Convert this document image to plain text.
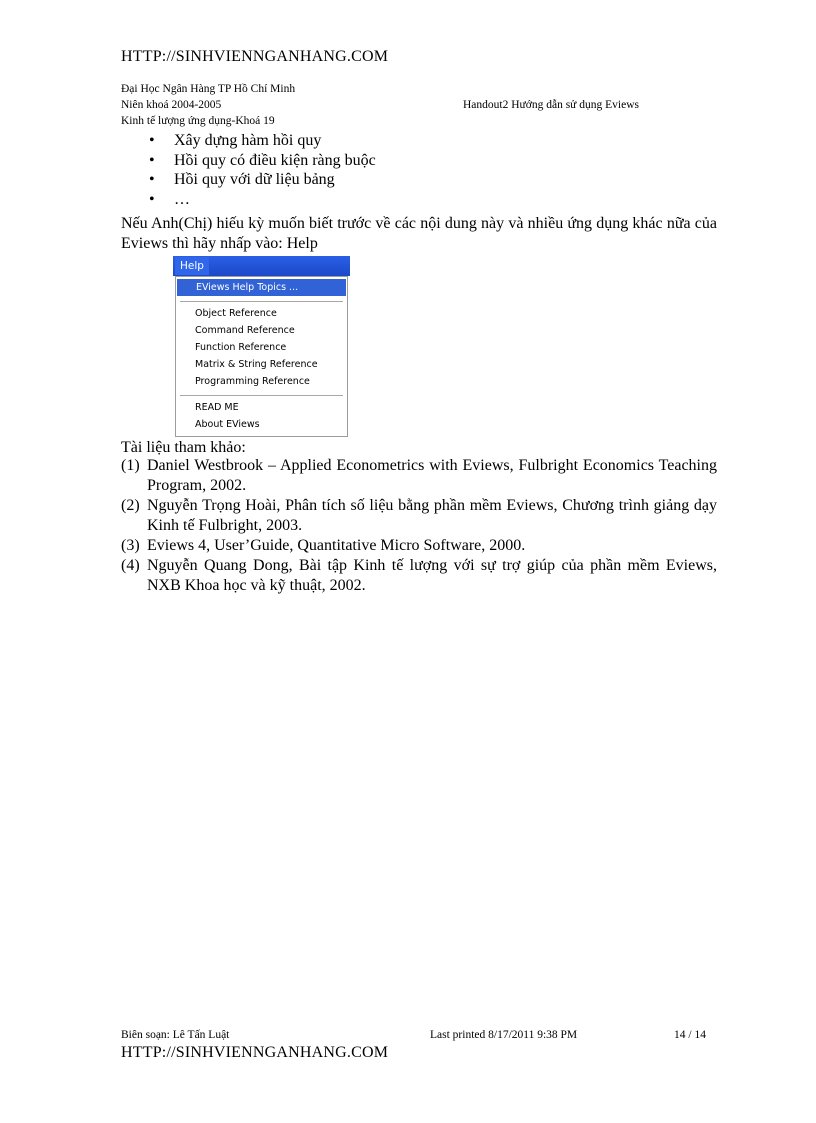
HTTP://SINHVIENNGANHANG.COM
Đại Học Ngân Hàng TP Hồ Chí Minh
Niên khoá 2004-2005	Handout2 Hướng dẫn sử dụng Eviews
Kinh tế lượng ứng dụng-Khoá 19
• Xây dựng hàm hồi quy
• Hồi quy có điều kiện ràng buộc
• Hồi quy với dữ liệu bảng
• …
Nếu Anh(Chị) hiếu kỳ muốn biết trước về các nội dung này và nhiều ứng dụng khác nữa của Eviews thì hãy nhấp vào: Help
Help
EViews Help Topics ...
Object Reference
Command Reference
Function Reference
Matrix & String Reference
Programming Reference
READ ME
About EViews
Tài liệu tham khảo:
(1) Daniel Westbrook – Applied Econometrics with Eviews, Fulbright Economics Teaching Program, 2002.
(2) Nguyễn Trọng Hoài, Phân tích số liệu bằng phần mềm Eviews, Chương trình giảng dạy Kinh tế Fulbright, 2003.
(3) Eviews 4, User’Guide, Quantitative Micro Software, 2000.
(4) Nguyễn Quang Dong, Bài tập Kinh tế lượng với sự trợ giúp của phần mềm Eviews, NXB Khoa học và kỹ thuật, 2002.
Biên soạn: Lê Tấn Luật	Last printed 8/17/2011 9:38 PM	14 / 14
HTTP://SINHVIENNGANHANG.COM
